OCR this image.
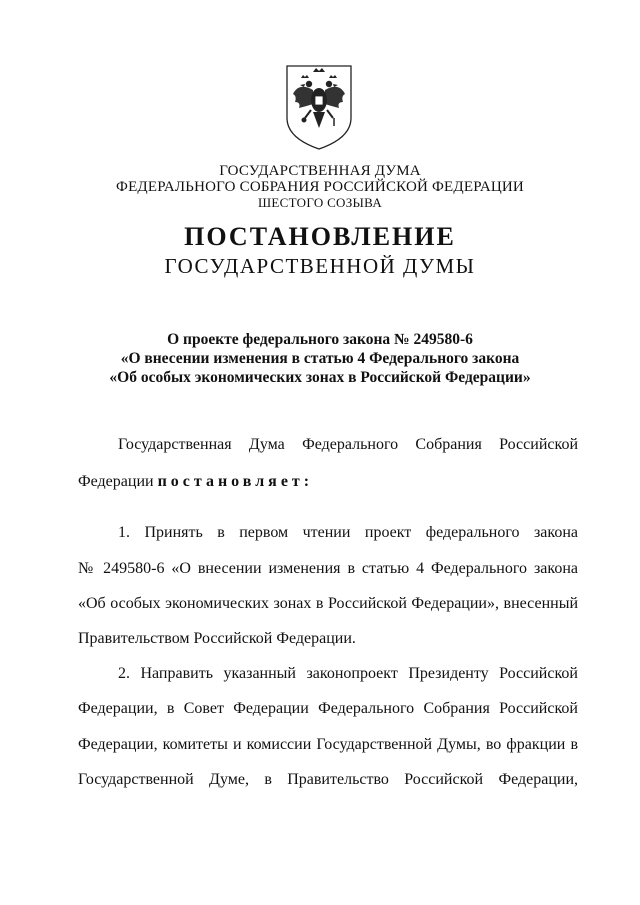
ГОСУДАРСТВЕННАЯ ДУМА
ФЕДЕРАЛЬНОГО СОБРАНИЯ РОССИЙСКОЙ ФЕДЕРАЦИИ
ШЕСТОГО СОЗЫВА
ПОСТАНОВЛЕНИЕ
ГОСУДАРСТВЕННОЙ ДУМЫ
О проекте федерального закона № 249580-6
«О внесении изменения в статью 4 Федерального закона
«Об особых экономических зонах в Российской Федерации»
Государственная Дума Федерального Собрания Российской
Федерации постановляет:
1. Принять в первом чтении проект федерального закона
№ 249580-6 «О внесении изменения в статью 4 Федерального закона
«Об особых экономических зонах в Российской Федерации», внесенный
Правительством Российской Федерации.
2. Направить указанный законопроект Президенту Российской
Федерации, в Совет Федерации Федерального Собрания Российской
Федерации, комитеты и комиссии Государственной Думы, во фракции в
Государственной Думе, в Правительство Российской Федерации,
